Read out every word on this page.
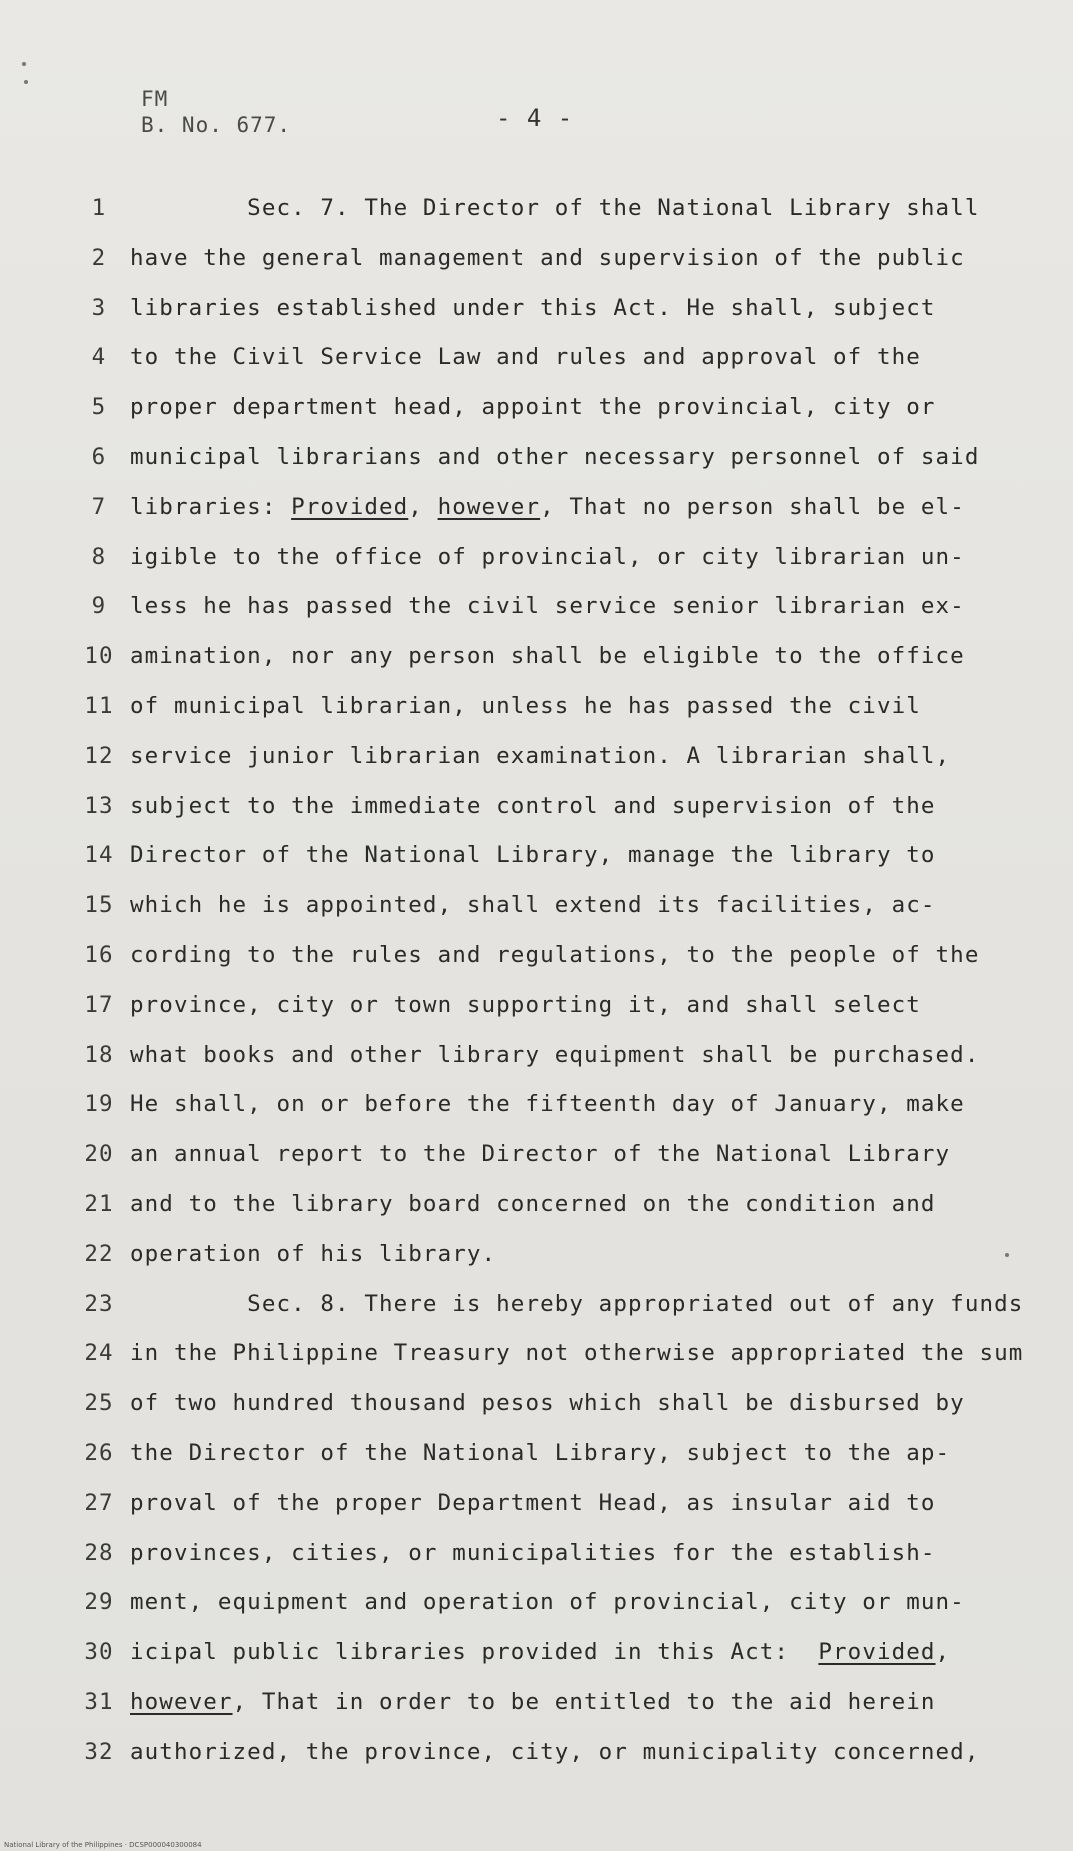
FM
B. No. 677.	- 4 -
1	Sec. 7. The Director of the National Library shall
2	have the general management and supervision of the public
3	libraries established under this Act. He shall, subject
4	to the Civil Service Law and rules and approval of the
5	proper department head, appoint the provincial, city or
6	municipal librarians and other necessary personnel of said
7	libraries: Provided, however, That no person shall be el-
8	igible to the office of provincial, or city librarian un-
9	less he has passed the civil service senior librarian ex-
10 amination, nor any person shall be eligible to the office
11 of municipal librarian, unless he has passed the civil
12 service junior librarian examination. A librarian shall,
13 subject to the immediate control and supervision of the
14 Director of the National Library, manage the library to
15 which he is appointed, shall extend its facilities, ac-
16 cording to the rules and regulations, to the people of the
17 province, city or town supporting it, and shall select
18 what books and other library equipment shall be purchased.
19 He shall, on or before the fifteenth day of January, make
20 an annual report to the Director of the National Library
21 and to the library board concerned on the condition and
22 operation of his library.
23 Sec. 8. There is hereby appropriated out of any funds
24 in the Philippine Treasury not otherwise appropriated the sum
25 of two hundred thousand pesos which shall be disbursed by
26 the Director of the National Library, subject to the ap-
27 proval of the proper Department Head, as insular aid to
28 provinces, cities, or municipalities for the establish-
29 ment, equipment and operation of provincial, city or mun-
30 icipal public libraries provided in this Act:  Provided,
31 however, That in order to be entitled to the aid herein
32 authorized, the province, city, or municipality concerned,
National Library of the Philippines · DCSP000040300084
